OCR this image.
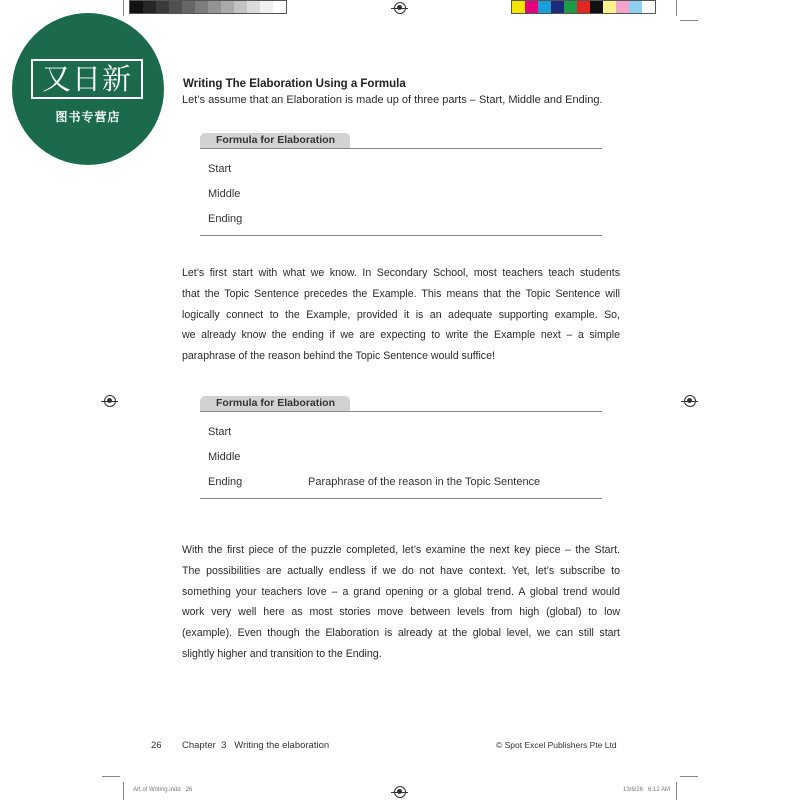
又日新
图书专营店
Writing The Elaboration Using a Formula
Let’s assume that an Elaboration is made up of three parts – Start, Middle and Ending.
Formula for Elaboration
Start
Middle
Ending
Let’s first start with what we know. In Secondary School, most teachers teach students
that the Topic Sentence precedes the Example. This means that the Topic Sentence will
logically connect to the Example, provided it is an adequate supporting example. So,
we already know the ending if we are expecting to write the Example next – a simple
paraphrase of the reason behind the Topic Sentence would suffice!
Formula for Elaboration
Start
Middle
Ending	Paraphrase of the reason in the Topic Sentence
With the first piece of the puzzle completed, let’s examine the next key piece – the Start.
The possibilities are actually endless if we do not have context. Yet, let’s subscribe to
something your teachers love – a grand opening or a global trend. A global trend would
work very well here as most stories move between levels from high (global) to low
(example). Even though the Elaboration is already at the global level, we can still start
slightly higher and transition to the Ending.
26 Chapter  3   Writing the elaboration	© Spot Excel Publishers Pte Ltd
Art of Writing.indd   26	13/6/26   6:12 AM
